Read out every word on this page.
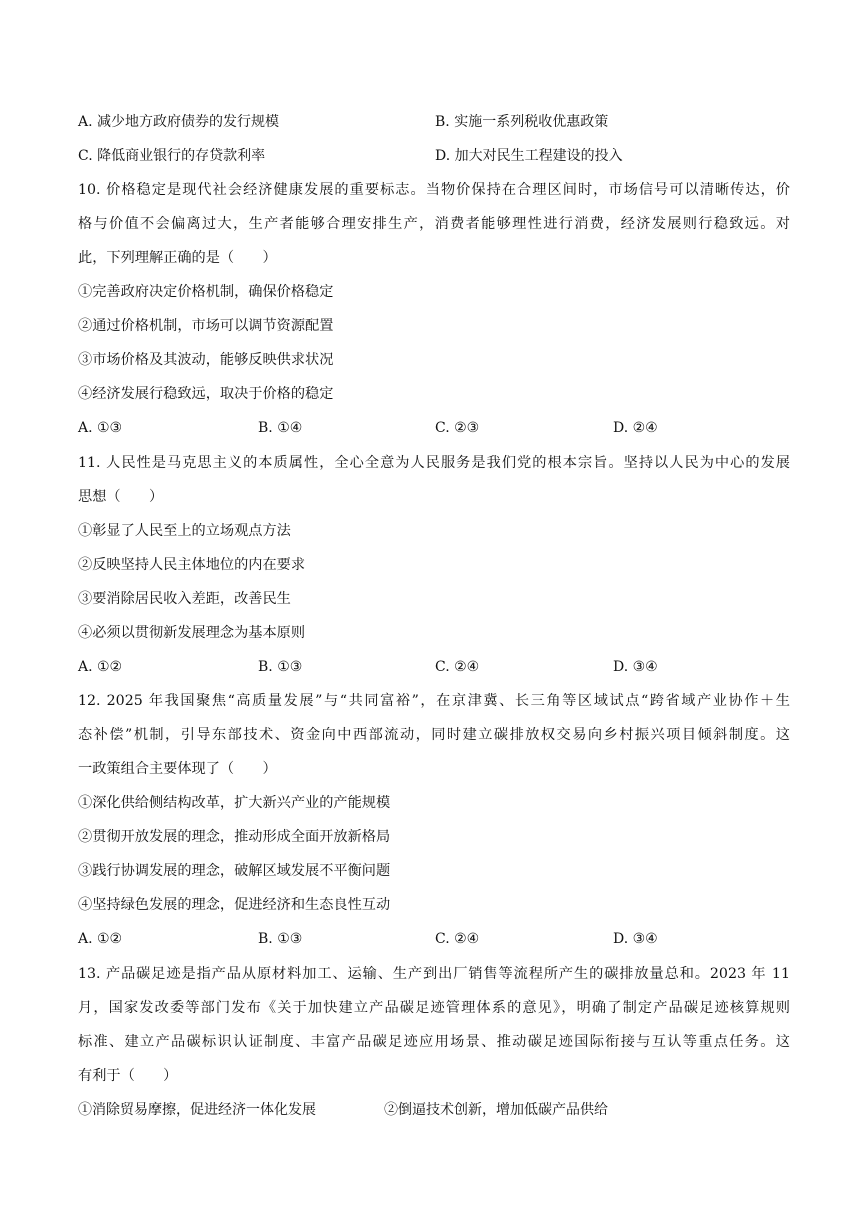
A. 减少地方政府债券的发行规模	B. 实施一系列税收优惠政策
C. 降低商业银行的存贷款利率	D. 加大对民生工程建设的投入
10. 价格稳定是现代社会经济健康发展的重要标志。当物价保持在合理区间时，市场信号可以清晰传达，价
格与价值不会偏离过大，生产者能够合理安排生产，消费者能够理性进行消费，经济发展则行稳致远。对
此，下列理解正确的是（　　）
①完善政府决定价格机制，确保价格稳定
②通过价格机制，市场可以调节资源配置
③市场价格及其波动，能够反映供求状况
④经济发展行稳致远，取决于价格的稳定
A. ①③	B. ①④	C. ②③	D. ②④
11. 人民性是马克思主义的本质属性，全心全意为人民服务是我们党的根本宗旨。坚持以人民为中心的发展
思想（　　）
①彰显了人民至上的立场观点方法
②反映坚持人民主体地位的内在要求
③要消除居民收入差距，改善民生
④必须以贯彻新发展理念为基本原则
A. ①②	B. ①③	C. ②④	D. ③④
12. 2025 年我国聚焦“高质量发展”与“共同富裕”，在京津冀、长三角等区域试点“跨省域产业协作＋生
态补偿”机制，引导东部技术、资金向中西部流动，同时建立碳排放权交易向乡村振兴项目倾斜制度。这
一政策组合主要体现了（　　）
①深化供给侧结构改革，扩大新兴产业的产能规模
②贯彻开放发展的理念，推动形成全面开放新格局
③践行协调发展的理念，破解区域发展不平衡问题
④坚持绿色发展的理念，促进经济和生态良性互动
A. ①②	B. ①③	C. ②④	D. ③④
13. 产品碳足迹是指产品从原材料加工、运输、生产到出厂销售等流程所产生的碳排放量总和。2023 年 11
月，国家发改委等部门发布《关于加快建立产品碳足迹管理体系的意见》，明确了制定产品碳足迹核算规则
标准、建立产品碳标识认证制度、丰富产品碳足迹应用场景、推动碳足迹国际衔接与互认等重点任务。这
有利于（　　）
①消除贸易摩擦，促进经济一体化发展	②倒逼技术创新，增加低碳产品供给
